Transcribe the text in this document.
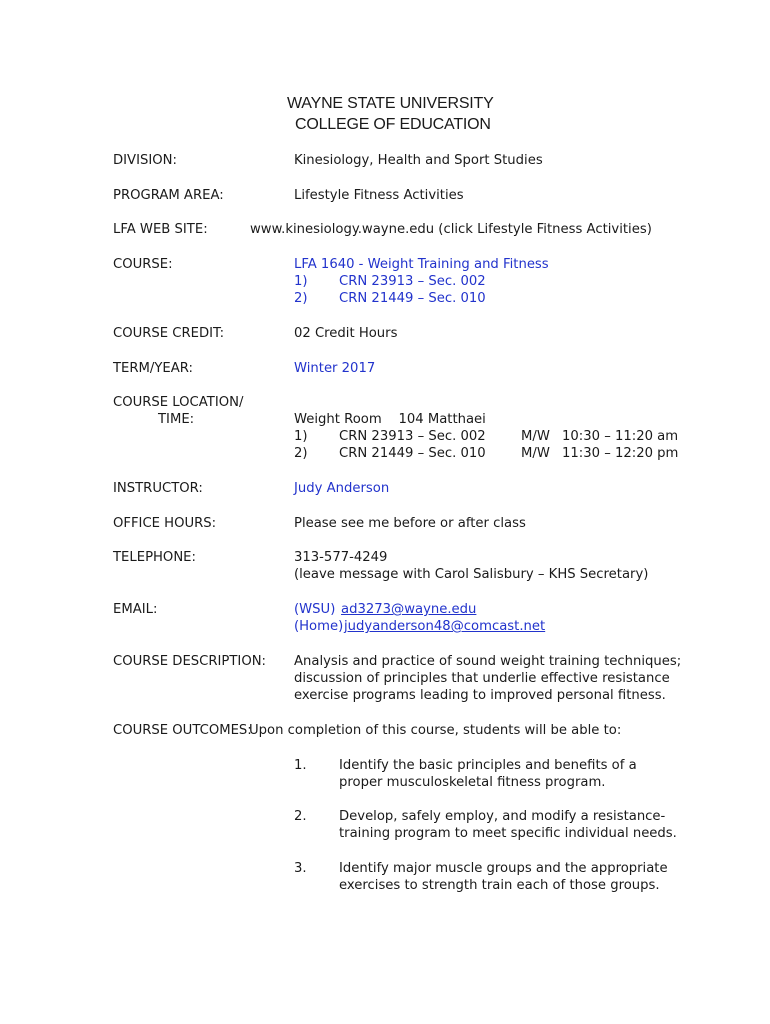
WAYNE STATE UNIVERSITY
COLLEGE OF EDUCATION
DIVISION:	Kinesiology, Health and Sport Studies
PROGRAM AREA:	Lifestyle Fitness Activities
LFA WEB SITE:	www.kinesiology.wayne.edu (click Lifestyle Fitness Activities)
COURSE:	LFA 1640 - Weight Training and Fitness
1) CRN 23913 – Sec. 002
2) CRN 21449 – Sec. 010
COURSE CREDIT:	02 Credit Hours
TERM/YEAR:	Winter 2017
COURSE LOCATION/
TIME:	Weight Room    104 Matthaei
1) CRN 23913 – Sec. 002	M/W 10:30 – 11:20 am
2) CRN 21449 – Sec. 010	M/W 11:30 – 12:20 pm
INSTRUCTOR:	Judy Anderson
OFFICE HOURS:	Please see me before or after class
TELEPHONE:	313-577-4249
(leave message with Carol Salisbury – KHS Secretary)
EMAIL:	(WSU) ad3273@wayne.edu
(Home) judyanderson48@comcast.net
COURSE DESCRIPTION: Analysis and practice of sound weight training techniques;
discussion of principles that underlie effective resistance
exercise programs leading to improved personal fitness.
COURSE OUTCOMES:
Upon completion of this course, students will be able to:
1. Identify the basic principles and benefits of a
proper musculoskeletal fitness program.
2. Develop, safely employ, and modify a resistance-
training program to meet specific individual needs.
3. Identify major muscle groups and the appropriate
exercises to strength train each of those groups.
